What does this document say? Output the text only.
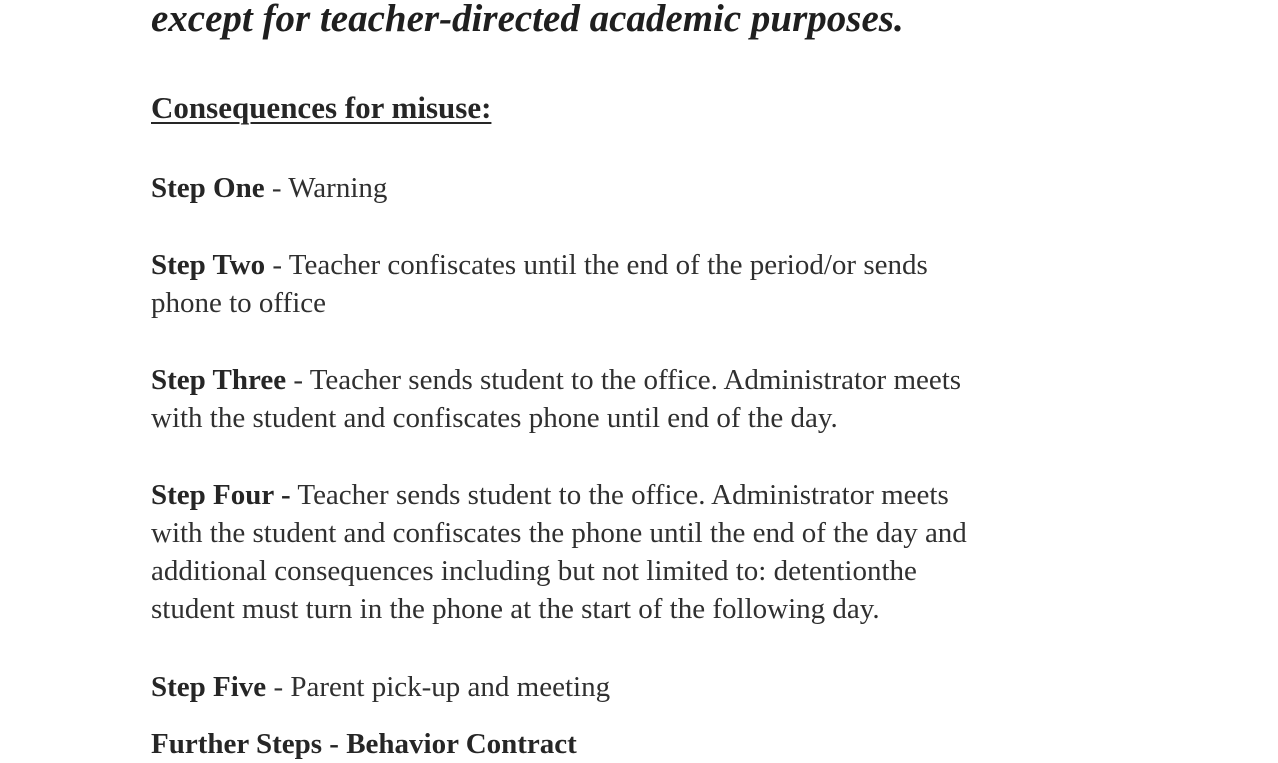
except for teacher-directed academic purposes.

Consequences for misuse:

Step One - Warning

Step Two - Teacher confiscates until the end of the period/or sends
phone to office

Step Three - Teacher sends student to the office. Administrator meets
with the student and confiscates phone until end of the day.

Step Four - Teacher sends student to the office. Administrator meets
with the student and confiscates the phone until the end of the day and
additional consequences including but not limited to: detentionthe
student must turn in the phone at the start of the following day.

Step Five - Parent pick-up and meeting

Further Steps - Behavior Contract
